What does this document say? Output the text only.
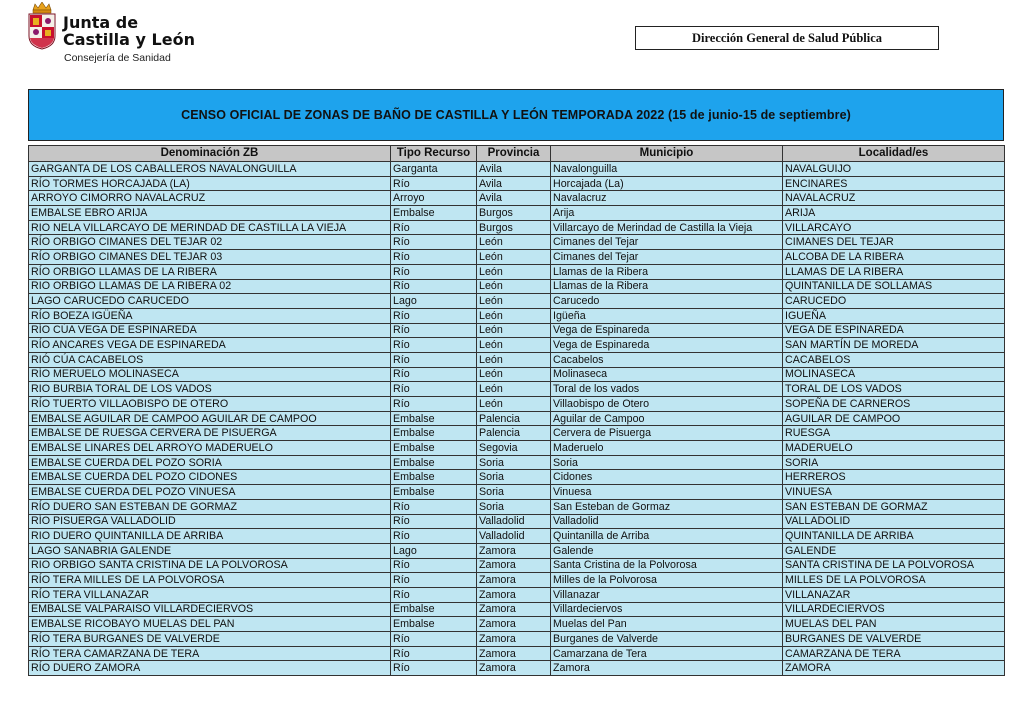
Junta de
Castilla y León
Consejería de Sanidad
Dirección General de Salud Pública
CENSO OFICIAL DE ZONAS DE BAÑO DE CASTILLA Y LEÓN TEMPORADA 2022 (15 de junio-15 de septiembre)
Denominación ZB	Tipo Recurso	Provincia	Municipio	Localidad/es
GARGANTA DE LOS CABALLEROS NAVALONGUILLA	Garganta	Avila	Navalonguilla	NAVALGUIJO
RÍO TORMES HORCAJADA (LA)	Río	Avila	Horcajada (La)	ENCINARES
ARROYO CIMORRO NAVALACRUZ	Arroyo	Avila	Navalacruz	NAVALACRUZ
EMBALSE EBRO ARIJA	Embalse	Burgos	Arija	ARIJA
RIO NELA VILLARCAYO DE MERINDAD DE CASTILLA LA VIEJA	Río	Burgos	Villarcayo de Merindad de Castilla la Vieja	VILLARCAYO
RÍO ORBIGO CIMANES DEL TEJAR 02	Río	León	Cimanes del Tejar	CIMANES DEL TEJAR
RÍO ORBIGO CIMANES DEL TEJAR 03	Río	León	Cimanes del Tejar	ALCOBA DE LA RIBERA
RÍO ORBIGO LLAMAS DE LA RIBERA	Río	León	Llamas de la Ribera	LLAMAS DE LA RIBERA
RIO ORBIGO LLAMAS DE LA RIBERA 02	Río	León	Llamas de la Ribera	QUINTANILLA DE SOLLAMAS
LAGO CARUCEDO CARUCEDO	Lago	León	Carucedo	CARUCEDO
RÍO BOEZA IGÜEÑA	Río	León	Igüeña	IGUEÑA
RÍO CÚA VEGA DE ESPINAREDA	Río	León	Vega de Espinareda	VEGA DE ESPINAREDA
RÍO ANCARES VEGA DE ESPINAREDA	Río	León	Vega de Espinareda	SAN MARTÍN DE MOREDA
RIÓ CÚA CACABELOS	Río	León	Cacabelos	CACABELOS
RÍO MERUELO MOLINASECA	Río	León	Molinaseca	MOLINASECA
RIO BURBIA TORAL DE LOS VADOS	Río	León	Toral de los vados	TORAL DE LOS VADOS
RÍO TUERTO VILLAOBISPO DE OTERO	Río	León	Villaobispo de Otero	SOPEÑA DE CARNEROS
EMBALSE AGUILAR DE CAMPOO AGUILAR DE CAMPOO	Embalse	Palencia	Aguilar de Campoo	AGUILAR DE CAMPOO
EMBALSE DE RUESGA CERVERA DE PISUERGA	Embalse	Palencia	Cervera de Pisuerga	RUESGA
EMBALSE LINARES DEL ARROYO MADERUELO	Embalse	Segovia	Maderuelo	MADERUELO
EMBALSE CUERDA DEL POZO SORIA	Embalse	Soria	Soria	SORIA
EMBALSE CUERDA DEL POZO CIDONES	Embalse	Soria	Cidones	HERREROS
EMBALSE CUERDA DEL POZO VINUESA	Embalse	Soria	Vinuesa	VINUESA
RÍO DUERO SAN ESTEBAN DE GORMAZ	Río	Soria	San Esteban de Gormaz	SAN ESTEBAN DE GORMAZ
RÍO PISUERGA VALLADOLID	Río	Valladolid	Valladolid	VALLADOLID
RIO DUERO QUINTANILLA DE ARRIBA	Río	Valladolid	Quintanilla de Arriba	QUINTANILLA DE ARRIBA
LAGO SANABRIA GALENDE	Lago	Zamora	Galende	GALENDE
RIO ORBIGO SANTA CRISTINA DE LA POLVOROSA	Río	Zamora	Santa Cristina de la Polvorosa	SANTA CRISTINA DE LA POLVOROSA
RÍO TERA MILLES DE LA POLVOROSA	Río	Zamora	Milles de la Polvorosa	MILLES DE LA POLVOROSA
RÍO TERA VILLANAZAR	Río	Zamora	Villanazar	VILLANAZAR
EMBALSE VALPARAISO VILLARDECIERVOS	Embalse	Zamora	Villardeciervos	VILLARDECIERVOS
EMBALSE RICOBAYO MUELAS DEL PAN	Embalse	Zamora	Muelas del Pan	MUELAS DEL PAN
RÍO TERA BURGANES DE VALVERDE	Río	Zamora	Burganes de Valverde	BURGANES DE VALVERDE
RÍO TERA CAMARZANA DE TERA	Río	Zamora	Camarzana de Tera	CAMARZANA DE TERA
RÍO DUERO ZAMORA	Río	Zamora	Zamora	ZAMORA
